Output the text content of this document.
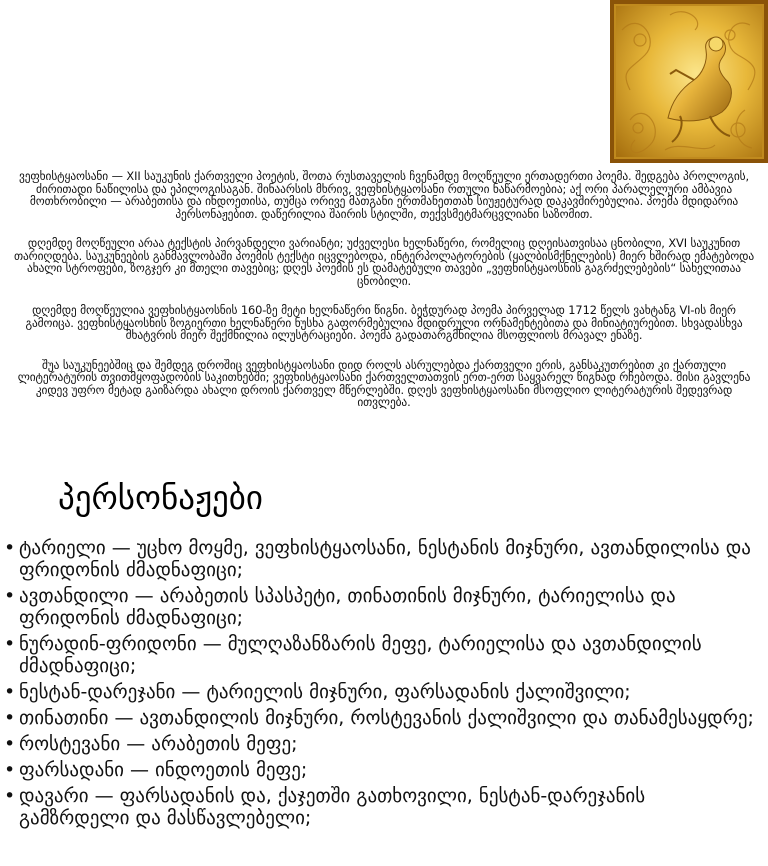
ვეფხისტყაოსანი — XII საუკუნის ქართველი პოეტის, შოთა რუსთაველის ჩვენამდე მოღწეული ერთადერთი პოემა. შედგება პროლოგის, ძირითადი ნაწილისა და ეპილოგისაგან. შინაარსის მხრივ, ვეფხისტყაოსანი რთული ნაწარმოებია; აქ ორი პარალელური ამბავია მოთხრობილი — არაბეთისა და ინდოეთისა, თუმცა ორივე მათგანი ერთმანეთთან სიუჟეტურად დაკავშირებულია. პოემა მდიდარია პერსონაჟებით. დაწერილია შაირის სტილში, თექვსმეტმარცვლიანი საზომით.

დღემდე მოღწეული არაა ტექსტის პირვანდელი ვარიანტი; უძველესი ხელნაწერი, რომელიც დღეისათვისაა ცნობილი, XVI საუკუნით თარიღდება. საუკუნეების განმავლობაში პოემის ტექსტი იცვლებოდა, ინტერპოლატორების (ყალბისმქნელების) მიერ ხშირად ემატებოდა ახალი სტროფები, ზოგჯერ კი მთელი თავებიც; დღეს პოემის ეს დამატებული თავები „ვეფხისტყაოსნის გაგრძელებების“ სახელითაა ცნობილი.

დღემდე მოღწეულია ვეფხისტყაოსნის 160-ზე მეტი ხელნაწერი წიგნი. ბეჭდურად პოემა პირველად 1712 წელს ვახტანგ VI-ის მიერ გამოიცა. ვეფხისტყაოსნის ზოგიერთი ხელნაწერი ნუსხა გაფორმებულია მდიდრული ორნამენტებითა და მინიატიურებით. სხვადასხვა მხატვრის მიერ შექმნილია ილუსტრაციები. პოემა გადათარგმნილია მსოფლიოს მრავალ ენაზე.

შუა საუკუნეებშიც და შემდეგ დროშიც ვეფხისტყაოსანი დიდ როლს ასრულებდა ქართველი ერის, განსაკუთრებით კი ქართული ლიტერატურის თვითმყოფადობის საკითხებში; ვეფხისტყაოსანი ქართველთათვის ერთ-ერთ საყვარელ წიგნად რჩებოდა. მისი გავლენა კიდევ უფრო მეტად გაიზარდა ახალი დროის ქართველ მწერლებში. დღეს ვეფხისტყაოსანი მსოფლიო ლიტერატურის შედევრად ითვლება.

პერსონაჟები
• ტარიელი — უცხო მოყმე, ვეფხისტყაოსანი, ნესტანის მიჯნური, ავთანდილისა და ფრიდონის ძმადნაფიცი;
• ავთანდილი — არაბეთის სპასპეტი, თინათინის მიჯნური, ტარიელისა და ფრიდონის ძმადნაფიცი;
• ნურადინ-ფრიდონი — მულღაზანზარის მეფე, ტარიელისა და ავთანდილის ძმადნაფიცი;
• ნესტან-დარეჯანი — ტარიელის მიჯნური, ფარსადანის ქალიშვილი;
• თინათინი — ავთანდილის მიჯნური, როსტევანის ქალიშვილი და თანამესაყდრე;
• როსტევანი — არაბეთის მეფე;
• ფარსადანი — ინდოეთის მეფე;
• დავარი — ფარსადანის და, ქაჯეთში გათხოვილი, ნესტან-დარეჯანის გამზრდელი და მასწავლებელი;
